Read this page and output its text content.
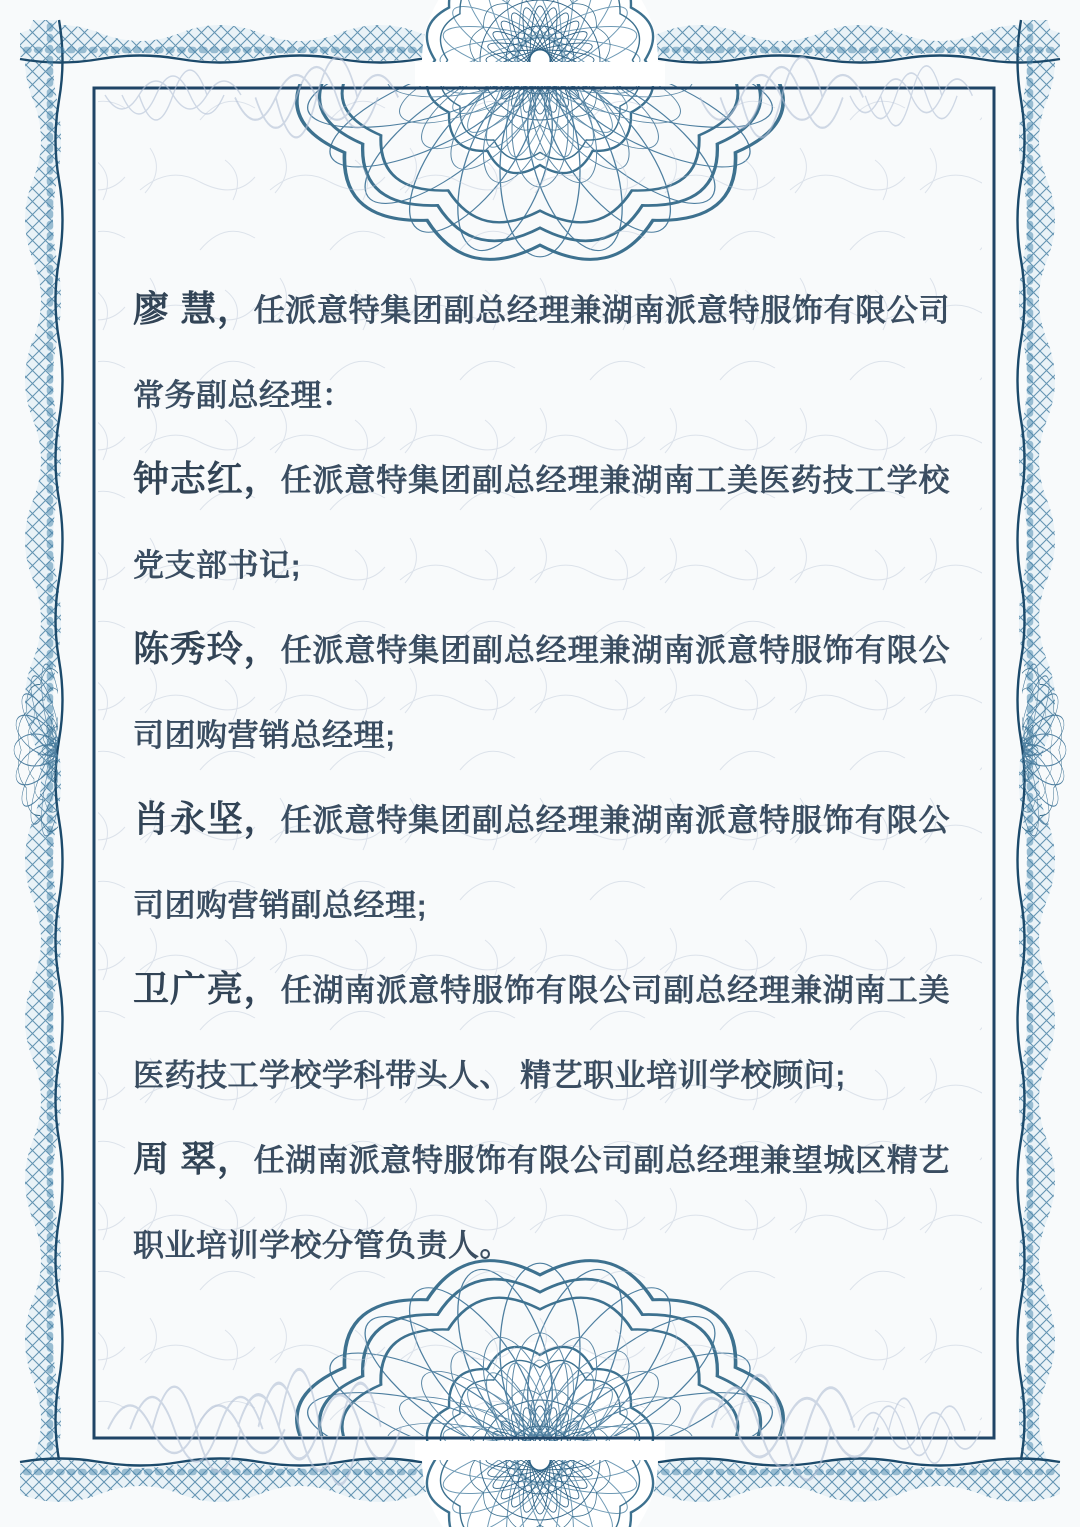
廖 慧，任派意特集团副总经理兼湖南派意特服饰有限公司
常务副总经理：
钟志红，任派意特集团副总经理兼湖南工美医药技工学校
党支部书记;
陈秀玲，任派意特集团副总经理兼湖南派意特服饰有限公
司团购营销总经理;
肖永坚，任派意特集团副总经理兼湖南派意特服饰有限公
司团购营销副总经理;
卫广亮，任湖南派意特服饰有限公司副总经理兼湖南工美
医药技工学校学科带头人、 精艺职业培训学校顾问;
周 翠，任湖南派意特服饰有限公司副总经理兼望城区精艺
职业培训学校分管负责人。
